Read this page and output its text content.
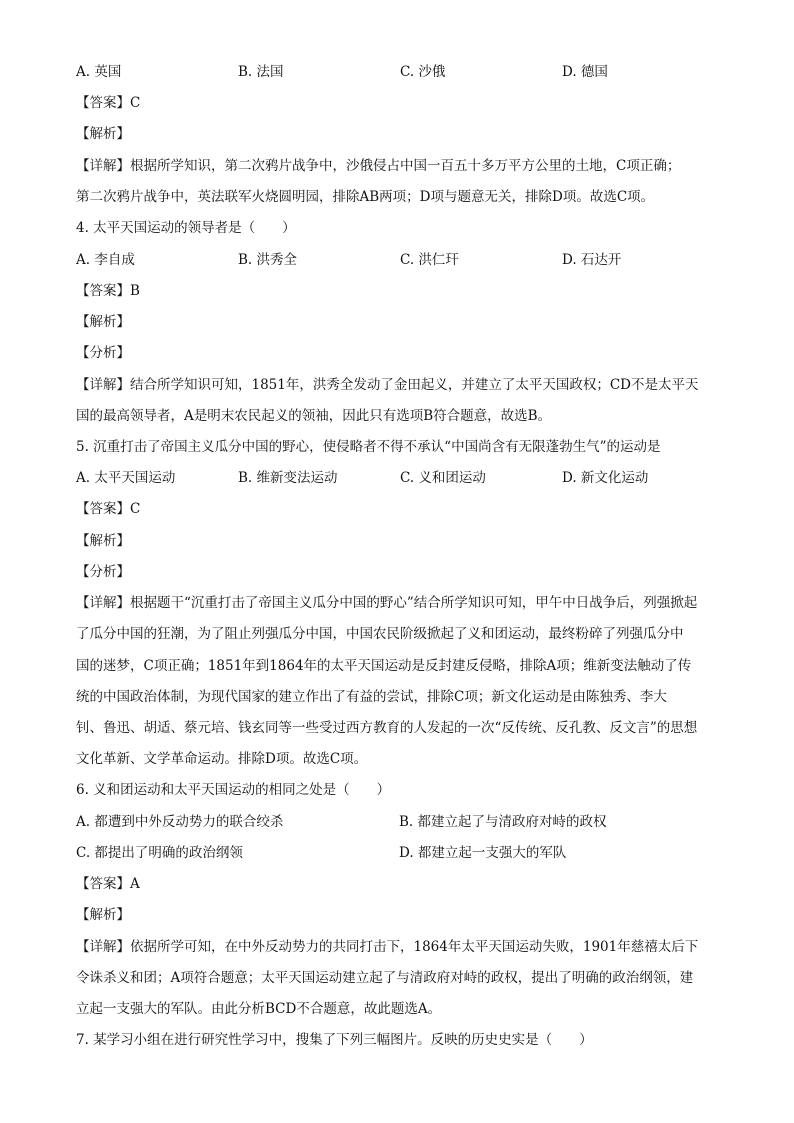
A. 英国	B. 法国	C. 沙俄	D. 德国
【答案】C
【解析】
【详解】根据所学知识，第二次鸦片战争中，沙俄侵占中国一百五十多万平方公里的土地，C项正确；
第二次鸦片战争中，英法联军火烧圆明园，排除AB两项；D项与题意无关，排除D项。故选C项。
4. 太平天国运动的领导者是（　　）
A. 李自成	B. 洪秀全	C. 洪仁玕	D. 石达开
【答案】B
【解析】
【分析】
【详解】结合所学知识可知，1851年，洪秀全发动了金田起义，并建立了太平天国政权；CD不是太平天
国的最高领导者，A是明末农民起义的领袖，因此只有选项B符合题意，故选B。
5. 沉重打击了帝国主义瓜分中国的野心，使侵略者不得不承认“中国尚含有无限蓬勃生气”的运动是
A. 太平天国运动	B. 维新变法运动	C. 义和团运动	D. 新文化运动
【答案】C
【解析】
【分析】
【详解】根据题干“沉重打击了帝国主义瓜分中国的野心”结合所学知识可知，甲午中日战争后，列强掀起
了瓜分中国的狂潮，为了阻止列强瓜分中国，中国农民阶级掀起了义和团运动，最终粉碎了列强瓜分中
国的迷梦，C项正确；1851年到1864年的太平天国运动是反封建反侵略，排除A项；维新变法触动了传
统的中国政治体制，为现代国家的建立作出了有益的尝试，排除C项；新文化运动是由陈独秀、李大
钊、鲁迅、胡适、蔡元培、钱玄同等一些受过西方教育的人发起的一次“反传统、反孔教、反文言”的思想
文化革新、文学革命运动。排除D项。故选C项。
6. 义和团运动和太平天国运动的相同之处是（　　）
A. 都遭到中外反动势力的联合绞杀	B. 都建立起了与清政府对峙的政权
C. 都提出了明确的政治纲领	D. 都建立起一支强大的军队
【答案】A
【解析】
【详解】依据所学可知，在中外反动势力的共同打击下，1864年太平天国运动失败，1901年慈禧太后下
令诛杀义和团；A项符合题意；太平天国运动建立起了与清政府对峙的政权，提出了明确的政治纲领，建
立起一支强大的军队。由此分析BCD不合题意，故此题选A。
7. 某学习小组在进行研究性学习中，搜集了下列三幅图片。反映的历史史实是（　　）
